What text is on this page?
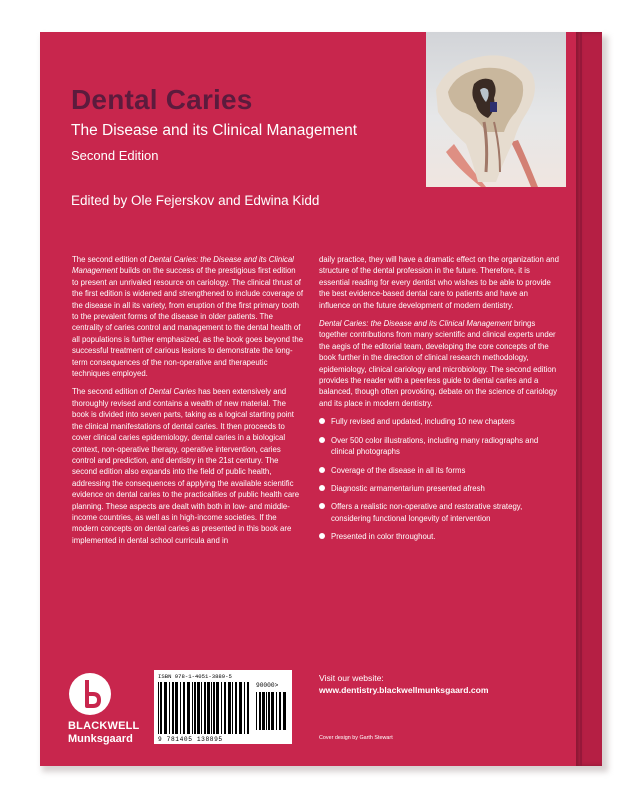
Dental Caries

The Disease and its Clinical Management

Second Edition

Edited by Ole Fejerskov and Edwina Kidd

The second edition of Dental Caries: the Disease and its Clinical Management builds on the success of the prestigious first edition to present an unrivaled resource on cariology. The clinical thrust of the first edition is widened and strengthened to include coverage of the disease in all its variety, from eruption of the first primary tooth to the prevalent forms of the disease in older patients. The centrality of caries control and management to the dental health of all populations is further emphasized, as the book goes beyond the successful treatment of carious lesions to demonstrate the long-term consequences of the non-operative and therapeutic techniques employed.

The second edition of Dental Caries has been extensively and thoroughly revised and contains a wealth of new material. The book is divided into seven parts, taking as a logical starting point the clinical manifestations of dental caries. It then proceeds to cover clinical caries epidemiology, dental caries in a biological context, non-operative therapy, operative intervention, caries control and prediction, and dentistry in the 21st century. The second edition also expands into the field of public health, addressing the consequences of applying the available scientific evidence on dental caries to the practicalities of public health care planning. These aspects are dealt with both in low- and middle-income countries, as well as in high-income societies. If the modern concepts on dental caries as presented in this book are implemented in dental school curricula and in

daily practice, they will have a dramatic effect on the organization and structure of the dental profession in the future. Therefore, it is essential reading for every dentist who wishes to be able to provide the best evidence-based dental care to patients and have an influence on the future development of modern dentistry.

Dental Caries: the Disease and its Clinical Management brings together contributions from many scientific and clinical experts under the aegis of the editorial team, developing the core concepts of the book further in the direction of clinical research methodology, epidemiology, clinical cariology and microbiology. The second edition provides the reader with a peerless guide to dental caries and a balanced, though often provoking, debate on the science of cariology and its place in modern dentistry.

Fully revised and updated, including 10 new chapters
Over 500 color illustrations, including many radiographs and clinical photographs
Coverage of the disease in all its forms
Diagnostic armamentarium presented afresh
Offers a realistic non-operative and restorative strategy, considering functional longevity of intervention
Presented in color throughout.
BLACKWELL
Munksgaard
ISBN 978-1-4051-3889-5
90000>
9 781405 138895
Visit our website:
www.dentistry.blackwellmunksgaard.com
Cover design by Garth Stewart
